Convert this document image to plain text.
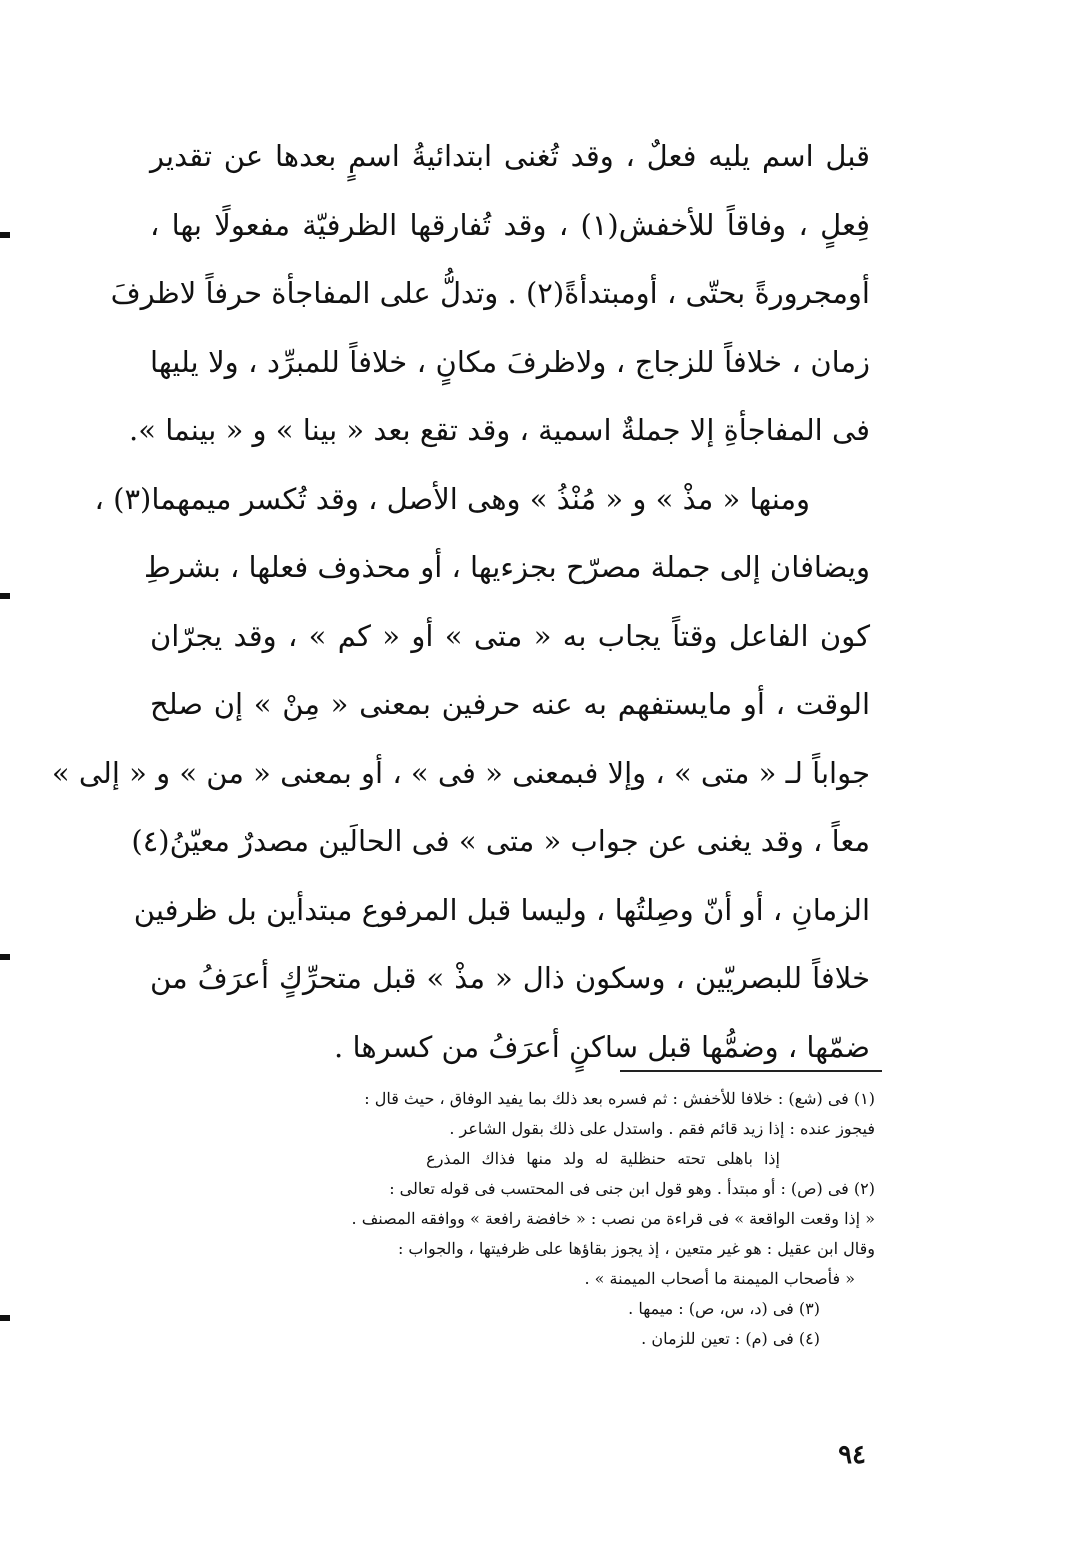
قبل اسم يليه فعلٌ ، وقد تُغنى ابتدائيةُ اسمٍ بعدها عن تقدير
فِعلٍ ، وفاقاً للأخفش(١) ، وقد تُفارقها الظرفيّة مفعولًا بها ،
أومجرورةً بحتّى ، أومبتدأةً(٢) . وتدلُّ على المفاجأة حرفاً لاظرفَ
زمان ، خلافاً للزجاج ، ولاظرفَ مكانٍ ، خلافاً للمبرِّد ، ولا يليها
فى المفاجأةِ إلا جملةٌ اسمية ، وقد تقع بعد « بينا » و « بينما ».
ومنها « مذْ » و « مُنْذُ » وهى الأصل ، وقد تُكسر ميمهما(٣) ،
ويضافان إلى جملة مصرّح بجزءيها ، أو محذوف فعلها ، بشرطِ
كون الفاعل وقتاً يجاب به « متى » أو « كم » ، وقد يجرّان
الوقت ، أو مايستفهم به عنه حرفين بمعنى « مِنْ » إن صلح
جواباً لـ « متى » ، وإلا فبمعنى « فى » ، أو بمعنى « من » و « إلى »
معاً ، وقد يغنى عن جواب « متى » فى الحالَين مصدرٌ معيّنُ(٤)
الزمانِ ، أو أنّ وصِلتُها ، وليسا قبل المرفوع مبتدأين بل ظرفين
خلافاً للبصريّين ، وسكون ذال « مذْ » قبل متحرِّكٍ أعرَفُ من
ضمّها ، وضمُّها قبل ساكنٍ أعرَفُ من كسرها .
(١) فى (شع) : خلافا للأخفش : ثم فسره بعد ذلك بما يفيد الوفاق ، حيث قال :
فيجوز عنده : إذا زيد قائم فقم . واستدل على ذلك بقول الشاعر .
إذا باهلى تحته حنظلية له ولد منها فذاك المذرع
(٢) فى (ص) : أو مبتدأ . وهو قول ابن جنى فى المحتسب فى قوله تعالى :
« إذا وقعت الواقعة » فى قراءة من نصب : « خافضة رافعة » ووافقه المصنف .
وقال ابن عقيل : هو غير متعين ، إذ يجوز بقاؤها على ظرفيتها ، والجواب :
« فأصحاب الميمنة ما أصحاب الميمنة » .
(٣) فى (د، س، ص) : ميمها .
(٤) فى (م) : تعين للزمان .
٩٤
